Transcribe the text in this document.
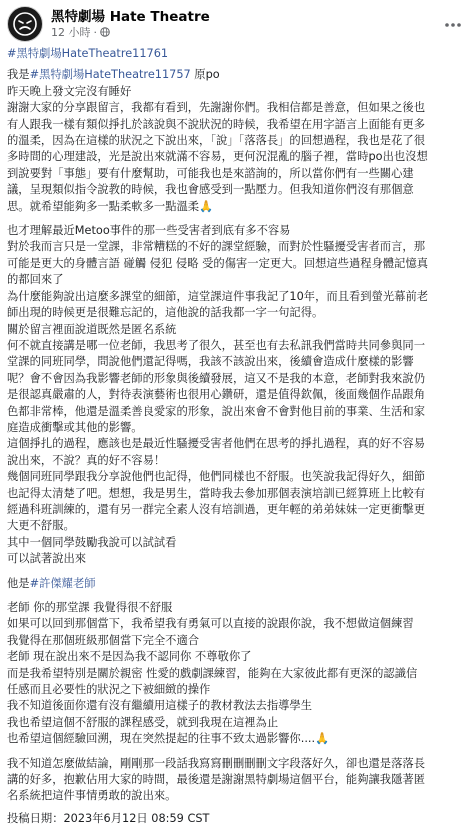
黑特劇場 Hate Theatre
12 小時 ·
#黑特劇場HateTheatre11761
我是#黑特劇場HateTheatre11757 原po
昨天晚上發文完沒有睡好
謝謝大家的分享跟留言，我都有看到，先謝謝你們。我相信都是善意，但如果之後也
有人跟我一樣有類似掙扎於該說與不說狀況的時候，我希望在用字語言上面能有更多
的溫柔，因為在這樣的狀況之下說出來，「說」「落落長」的回想過程，我也是花了很
多時間的心理建設，光是說出來就滿不容易，更何況混亂的腦子裡，當時po出也沒想
到說要對「事態」要有什麼幫助，可能我也是來諮詢的，所以當你們有一些關心建
議，呈現類似指令說教的時候，我也會感受到一點壓力。但我知道你們沒有那個意
思。就希望能夠多一點柔軟多一點溫柔🙏
也才理解最近Metoo事件的那一些受害者到底有多不容易
對於我而言只是一堂課，非常糟糕的不好的課堂經驗，而對於性騷擾受害者而言，那
可能是更大的身體言語 碰觸 侵犯 侵略 受的傷害一定更大。回想這些過程身體記憶真
的都回來了
為什麼能夠說出這麼多課堂的細節，這堂課這件事我記了10年，而且看到螢光幕前老
師出現的時候更是很難忘記的，這他說的話我都一字一句記得。
關於留言裡面說道既然是匿名系統
何不就直接講是哪一位老師，我思考了很久，甚至也有去私訊我們當時共同參與同一
堂課的同班同學，問說他們還記得嗎，我該不該說出來，後續會造成什麼樣的影響
呢？會不會因為我影響老師的形象與後續發展，這又不是我的本意，老師對我來說仍
是很認真嚴肅的人，對待表演藝術也很用心鑽研，還是值得欽佩，後面幾個作品跟角
色都非常棒，他還是溫柔善良愛家的形象，說出來會不會對他目前的事業、生活和家
庭造成衝擊或其他的影響。
這個掙扎的過程，應該也是最近性騷擾受害者他們在思考的掙扎過程，真的好不容易
說出來，不說？真的好不容易！
幾個同班同學跟我分享說他們也記得，他們同樣也不舒服。也笑說我記得好久，細節
也記得太清楚了吧。想想，我是男生，當時我去參加那個表演培訓已經算班上比較有
經過科班訓練的，還有另一群完全素人沒有培訓過，更年輕的弟弟妹妹一定更衝擊更
大更不舒服。
其中一個同學鼓勵我說可以試試看
可以試著說出來
他是#許傑耀老師
老師 你的那堂課 我覺得很不舒服
如果可以回到那個當下，我希望我有勇氣可以直接的說跟你說，我不想做這個練習
我覺得在那個班級那個當下完全不適合
老師 現在說出來不是因為我不認同你 不尊敬你了
而是我希望特別是關於親密 性愛的戲劇課練習，能夠在大家彼此都有更深的認識信
任感而且必要性的狀況之下被細緻的操作
我不知道後面你還有沒有繼續用這樣子的教材教法去指導學生
我也希望這個不舒服的課程感受，就到我現在這裡為止
也希望這個經驗回溯，現在突然提起的往事不致太過影響你....🙏
我不知道怎麼做結論，剛剛那一段話我寫寫刪刪刪刪文字段落好久，卻也還是落落長
講的好多，抱歉佔用大家的時間，最後還是謝謝黑特劇場這個平台，能夠讓我隱著匿
名系統把這件事情勇敢的說出來。
投稿日期：2023年6月12日 08:59 CST
